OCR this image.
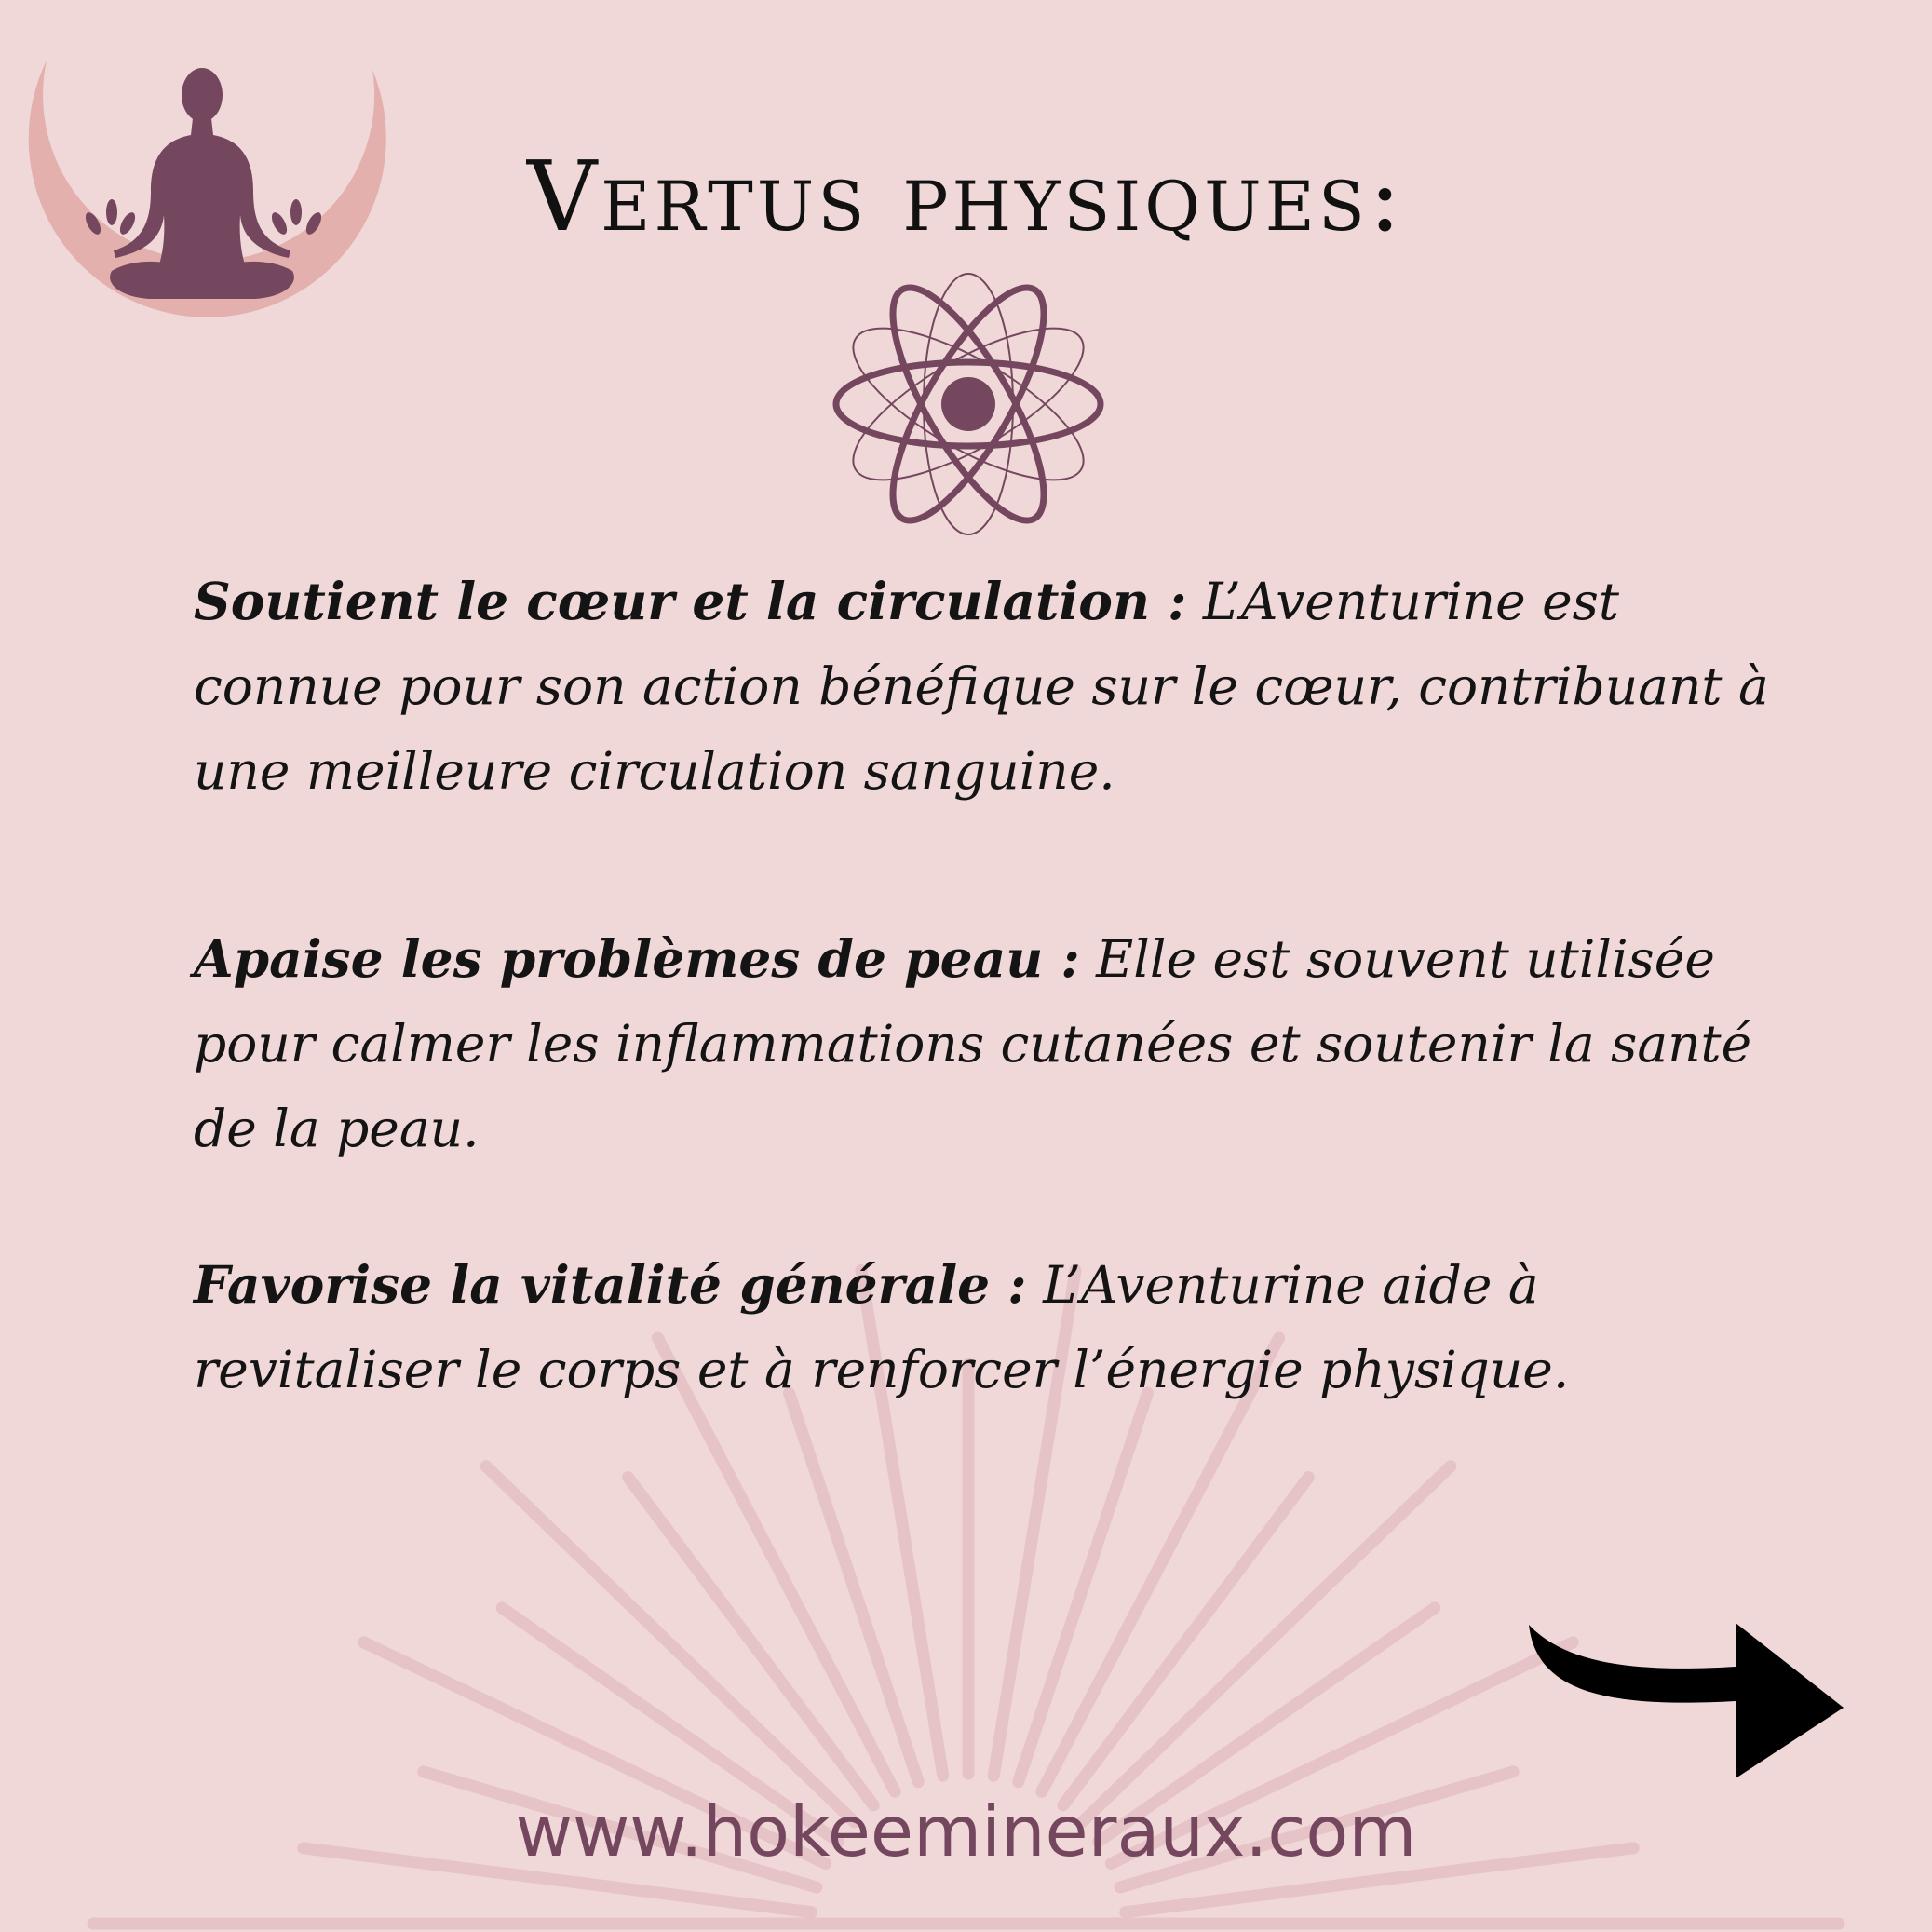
Vertus physiques:

Soutient le cœur et la circulation : L’Aventurine est connue pour son action bénéfique sur le cœur, contribuant à une meilleure circulation sanguine.

Apaise les problèmes de peau : Elle est souvent utilisée pour calmer les inflammations cutanées et soutenir la santé de la peau.

Favorise la vitalité générale : L’Aventurine aide à revitaliser le corps et à renforcer l’énergie physique.

www.hokeemineraux.com
